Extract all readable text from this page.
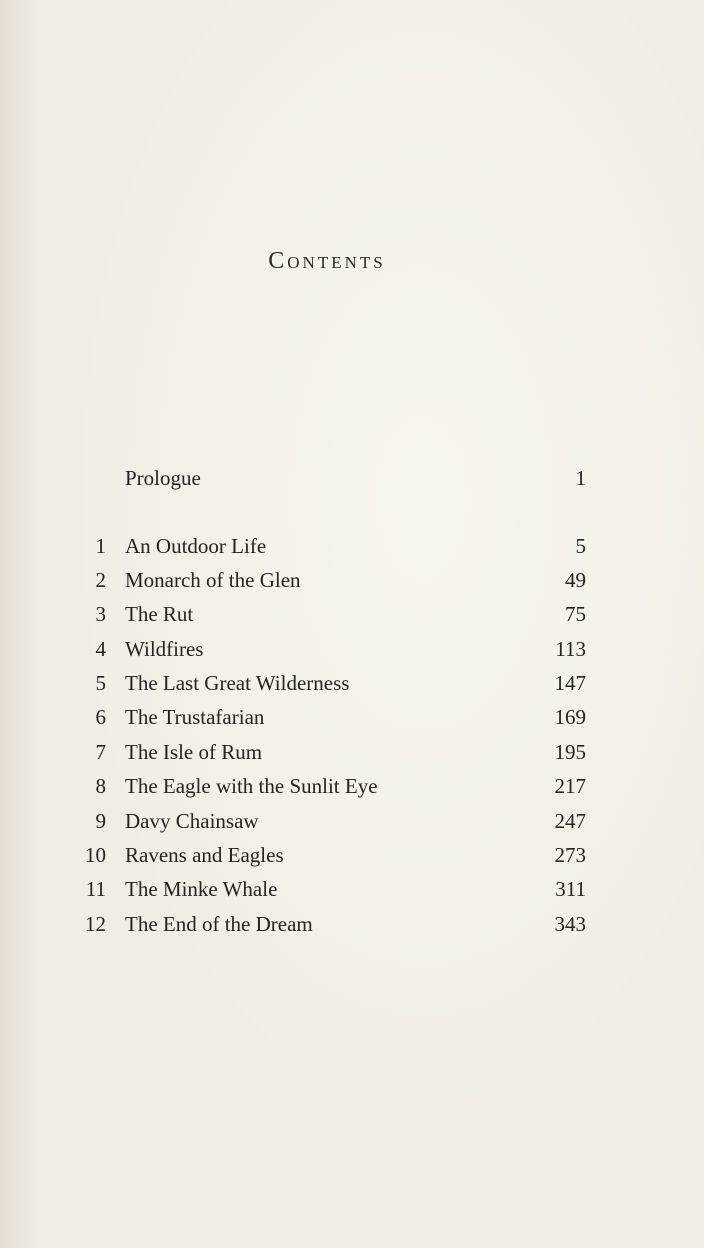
Contents
Prologue	1
1 An Outdoor Life	5
2 Monarch of the Glen	49
3 The Rut	75
4 Wildfires	113
5 The Last Great Wilderness	147
6 The Trustafarian	169
7 The Isle of Rum	195
8 The Eagle with the Sunlit Eye	217
9 Davy Chainsaw	247
10 Ravens and Eagles	273
11 The Minke Whale	311
12 The End of the Dream	343
